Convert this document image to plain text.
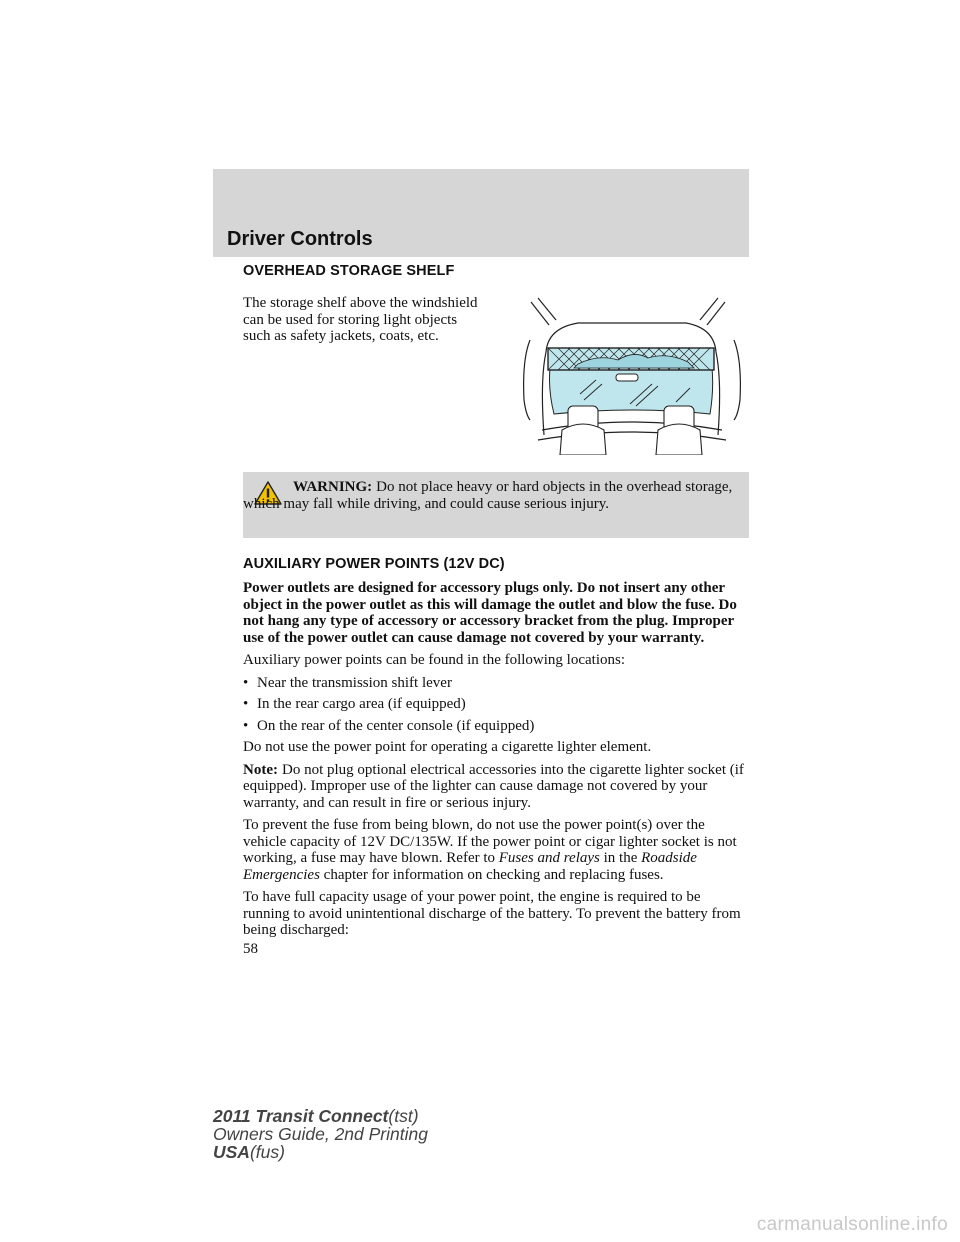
Driver Controls
OVERHEAD STORAGE SHELF
The storage shelf above the windshield can be used for storing light objects such as safety jackets, coats, etc.
WARNING: Do not place heavy or hard objects in the overhead storage, which may fall while driving, and could cause serious injury.
AUXILIARY POWER POINTS (12V DC)
Power outlets are designed for accessory plugs only. Do not insert any other object in the power outlet as this will damage the outlet and blow the fuse. Do not hang any type of accessory or accessory bracket from the plug. Improper use of the power outlet can cause damage not covered by your warranty.
Auxiliary power points can be found in the following locations:
• Near the transmission shift lever
• In the rear cargo area (if equipped)
• On the rear of the center console (if equipped)
Do not use the power point for operating a cigarette lighter element.
Note: Do not plug optional electrical accessories into the cigarette lighter socket (if equipped). Improper use of the lighter can cause damage not covered by your warranty, and can result in fire or serious injury.
To prevent the fuse from being blown, do not use the power point(s) over the vehicle capacity of 12V DC/135W. If the power point or cigar lighter socket is not working, a fuse may have blown. Refer to Fuses and relays in the Roadside Emergencies chapter for information on checking and replacing fuses.
To have full capacity usage of your power point, the engine is required to be running to avoid unintentional discharge of the battery. To prevent the battery from being discharged:
58
2011 Transit Connect(tst)
Owners Guide, 2nd Printing
USA(fus)
carmanualsonline.info
